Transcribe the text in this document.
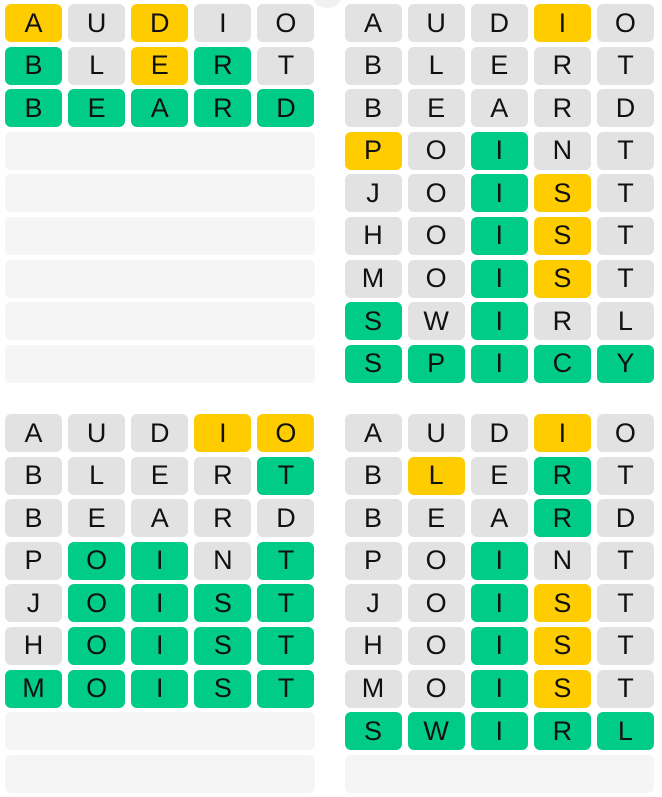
A	U	D	I	O
B	L	E	R	T
B	E	A	R	D
A	U	D	I	O
B	L	E	R	T
B	E	A	R	D
P	O	I	N	T
J	O	I	S	T
H	O	I	S	T
M	O	I	S	T
S	W	I	R	L
S	P	I	C	Y
A	U	D	I	O
B	L	E	R	T
B	E	A	R	D
P	O	I	N	T
J	O	I	S	T
H	O	I	S	T
M	O	I	S	T
A	U	D	I	O
B	L	E	R	T
B	E	A	R	D
P	O	I	N	T
J	O	I	S	T
H	O	I	S	T
M	O	I	S	T
S	W	I	R	L
